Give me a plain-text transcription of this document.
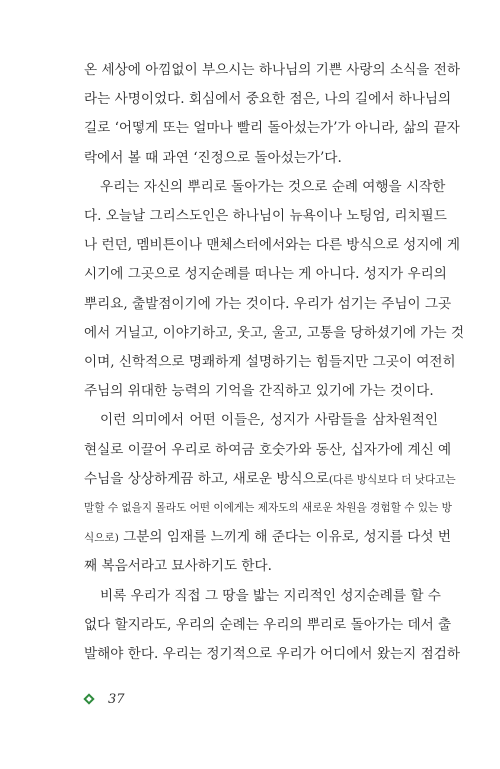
온 세상에 아낌없이 부으시는 하나님의 기쁜 사랑의 소식을 전하
라는 사명이었다. 회심에서 중요한 점은, 나의 길에서 하나님의
길로 ‘어떻게 또는 얼마나 빨리 돌아섰는가’가 아니라, 삶의 끝자
락에서 볼 때 과연 ‘진정으로 돌아섰는가’다.
우리는 자신의 뿌리로 돌아가는 것으로 순례 여행을 시작한
다. 오늘날 그리스도인은 하나님이 뉴욕이나 노팅엄, 리치필드
나 런던, 멤비튼이나 맨체스터에서와는 다른 방식으로 성지에 게
시기에 그곳으로 성지순례를 떠나는 게 아니다. 성지가 우리의
뿌리요, 출발점이기에 가는 것이다. 우리가 섬기는 주님이 그곳
에서 거닐고, 이야기하고, 웃고, 울고, 고통을 당하셨기에 가는 것
이며, 신학적으로 명쾌하게 설명하기는 힘들지만 그곳이 여전히
주님의 위대한 능력의 기억을 간직하고 있기에 가는 것이다.
이런 의미에서 어떤 이들은, 성지가 사람들을 삼차원적인
현실로 이끌어 우리로 하여금 호숫가와 동산, 십자가에 계신 예
수님을 상상하게끔 하고, 새로운 방식으로(다른 방식보다 더 낫다고는
말할 수 없을지 몰라도 어떤 이에게는 제자도의 새로운 차원을 경험할 수 있는 방
식으로) 그분의 임재를 느끼게 해 준다는 이유로, 성지를 다섯 번
째 복음서라고 묘사하기도 한다.
비록 우리가 직접 그 땅을 밟는 지리적인 성지순례를 할 수
없다 할지라도, 우리의 순례는 우리의 뿌리로 돌아가는 데서 출
발해야 한다. 우리는 정기적으로 우리가 어디에서 왔는지 점검하
37
